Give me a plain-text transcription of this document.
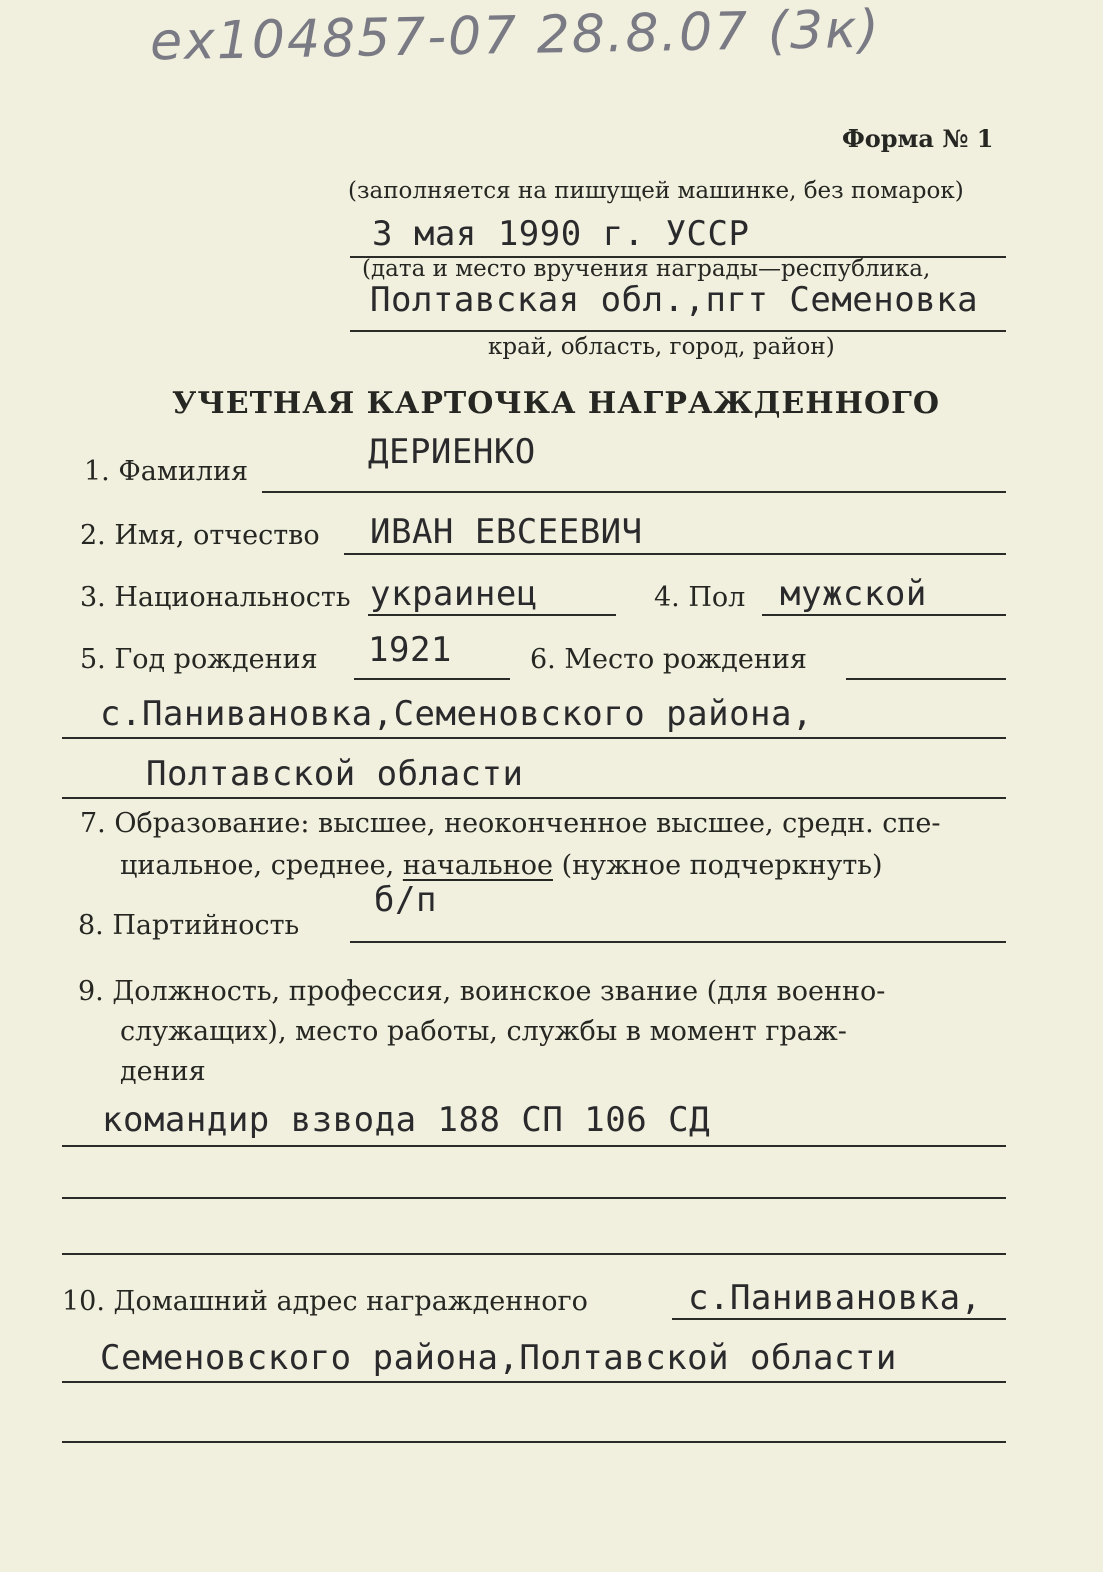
ex104857-07 28.8.07 (3к)
Форма № 1
(заполняется на пишущей машинке, без помарок)
3 мая 1990 г. УССР
(дата и место вручения награды—республика,
Полтавская обл.,пгт Семеновка
край, область, город, район)
УЧЕТНАЯ КАРТОЧКА НАГРАЖДЕННОГО
1. Фамилия	ДЕРИЕНКО
2. Имя, отчество ИВАН ЕВСЕЕВИЧ
3. Национальность украинец	4. Пол мужской
5. Год рождения 1921	6. Место рождения
с.Панивановка,Семеновского района,
Полтавской области
7. Образование: высшее, неоконченное высшее, средн. спе-
циальное, среднее, начальное (нужное подчеркнуть)
8. Партийность
б/п
9. Должность, профессия, воинское звание (для военно-
служащих), место работы, службы в момент граж-
дения
командир взвода 188 СП 106 СД
10. Домашний адрес награжденного	с.Панивановка,
Семеновского района,Полтавской области
